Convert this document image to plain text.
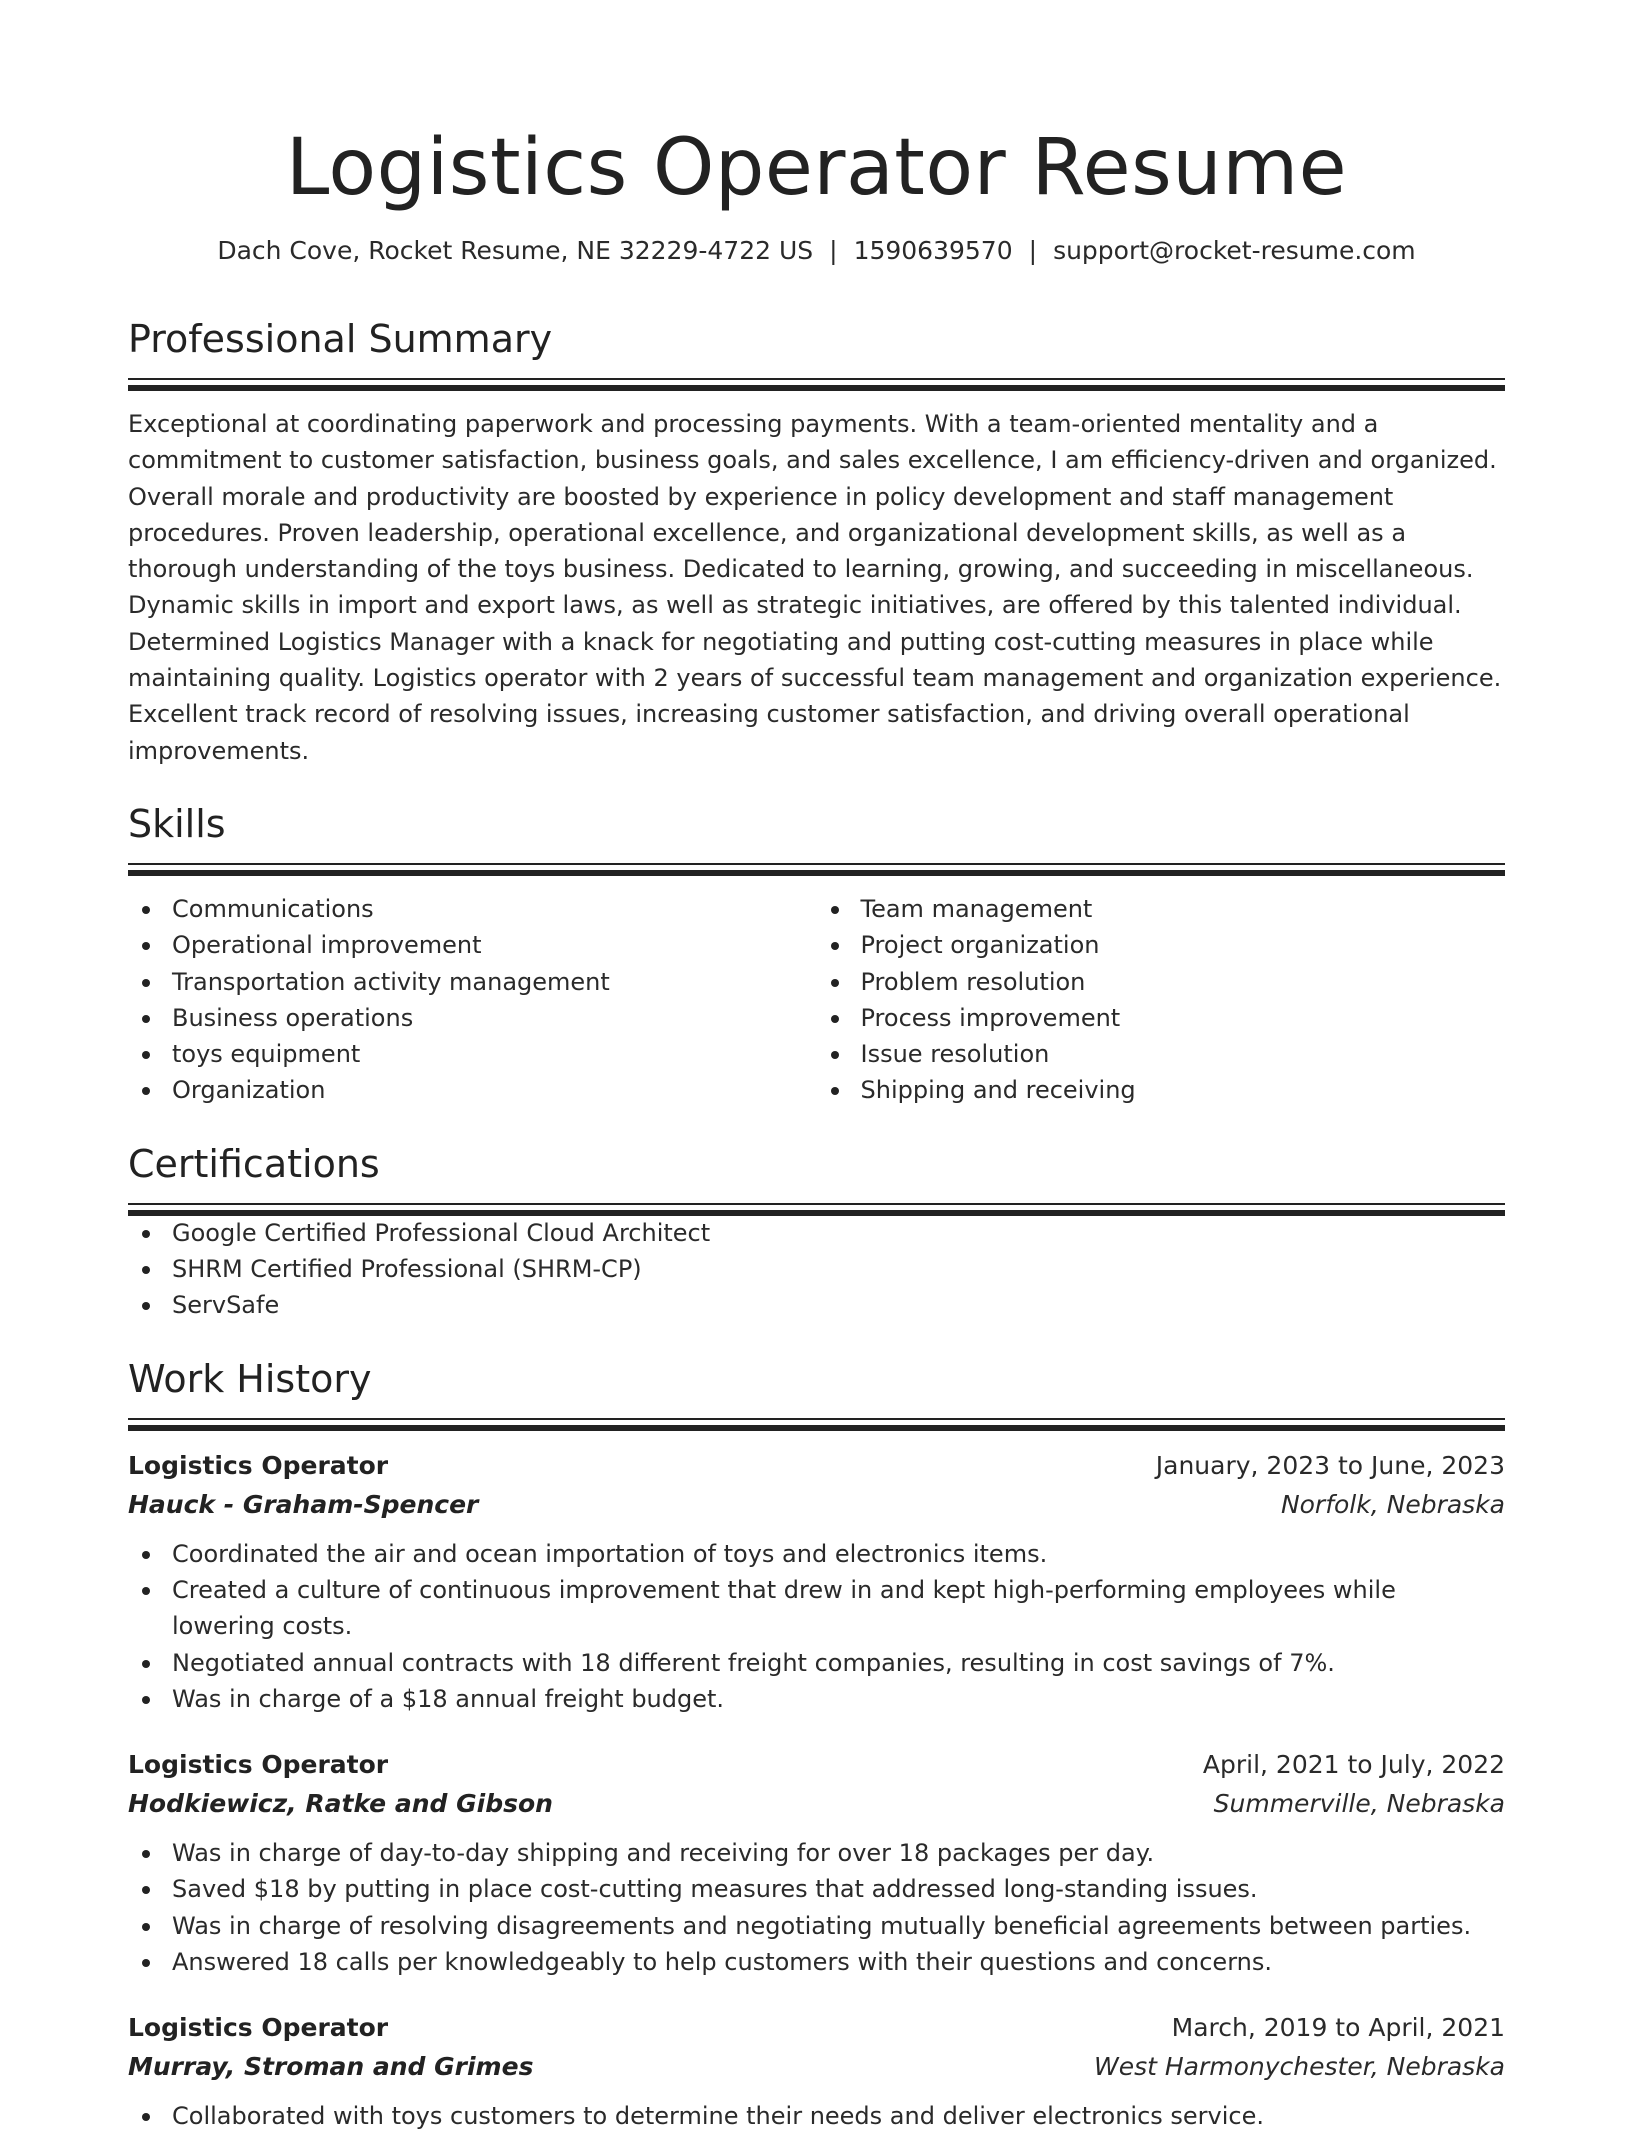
Logistics Operator Resume
Dach Cove, Rocket Resume, NE 32229-4722 US | 1590639570 | support@rocket-resume.com
Professional Summary
Exceptional at coordinating paperwork and processing payments. With a team-oriented mentality and a commitment to customer satisfaction, business goals, and sales excellence, I am efficiency-driven and organized. Overall morale and productivity are boosted by experience in policy development and staff management procedures. Proven leadership, operational excellence, and organizational development skills, as well as a thorough understanding of the toys business. Dedicated to learning, growing, and succeeding in miscellaneous. Dynamic skills in import and export laws, as well as strategic initiatives, are offered by this talented individual. Determined Logistics Manager with a knack for negotiating and putting cost-cutting measures in place while maintaining quality. Logistics operator with 2 years of successful team management and organization experience. Excellent track record of resolving issues, increasing customer satisfaction, and driving overall operational improvements.
Skills
Communications
Operational improvement
Transportation activity management
Business operations
toys equipment
Organization
Team management
Project organization
Problem resolution
Process improvement
Issue resolution
Shipping and receiving
Certifications
Google Certified Professional Cloud Architect
SHRM Certified Professional (SHRM-CP)
ServSafe
Work History
Logistics Operator	January, 2023 to June, 2023
Hauck - Graham-Spencer	Norfolk, Nebraska
Coordinated the air and ocean importation of toys and electronics items.
Created a culture of continuous improvement that drew in and kept high-performing employees while lowering costs.
Negotiated annual contracts with 18 different freight companies, resulting in cost savings of 7%.
Was in charge of a $18 annual freight budget.
Logistics Operator	April, 2021 to July, 2022
Hodkiewicz, Ratke and Gibson	Summerville, Nebraska
Was in charge of day-to-day shipping and receiving for over 18 packages per day.
Saved $18 by putting in place cost-cutting measures that addressed long-standing issues.
Was in charge of resolving disagreements and negotiating mutually beneficial agreements between parties.
Answered 18 calls per knowledgeably to help customers with their questions and concerns.
Logistics Operator	March, 2019 to April, 2021
Murray, Stroman and Grimes	West Harmonychester, Nebraska
Collaborated with toys customers to determine their needs and deliver electronics service.
